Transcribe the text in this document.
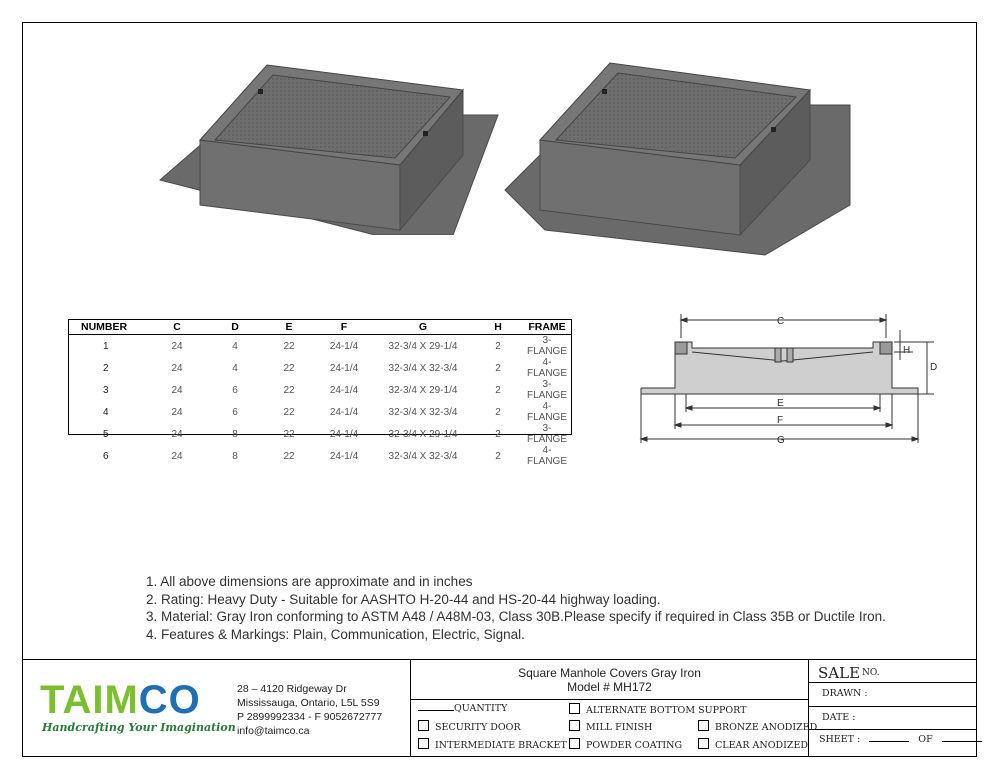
NUMBER	C	D	E	F	G	H	FRAME
1	24	4	22	24-1/4	32-3/4 X 29-1/4	2	3-FLANGE
2	24	4	22	24-1/4	32-3/4 X 32-3/4	2	4-FLANGE
3	24	6	22	24-1/4	32-3/4 X 29-1/4	2	3-FLANGE
4	24	6	22	24-1/4	32-3/4 X 32-3/4	2	4-FLANGE
5	24	8	22	24-1/4	32-3/4 X 29-1/4	2	3-FLANGE
6	24	8	22	24-1/4	32-3/4 X 32-3/4	2	4-FLANGE
C
H
D
E
F
G
1. All above dimensions are approximate and in inches
2. Rating: Heavy Duty - Suitable for AASHTO H-20-44 and HS-20-44 highway loading.
3. Material: Gray Iron conforming to ASTM A48 / A48M-03, Class 30B.Please specify if required in Class 35B or Ductile Iron.
4. Features & Markings: Plain, Communication, Electric, Signal.
TAIMCO
Handcrafting Your Imagination
28 – 4120 Ridgeway Dr
Mississauga, Ontario, L5L 5S9
P 2899992334 - F 9052672777
info@taimco.ca
Square Manhole Covers Gray Iron
Model # MH172
QUANTITY
SECURITY DOOR
INTERMEDIATE BRACKET
ALTERNATE BOTTOM SUPPORT
MILL FINISH
POWDER COATING
BRONZE ANODIZED
CLEAR ANODIZED
SALE NO.
DRAWN :
DATE :
SHEET :	OF
